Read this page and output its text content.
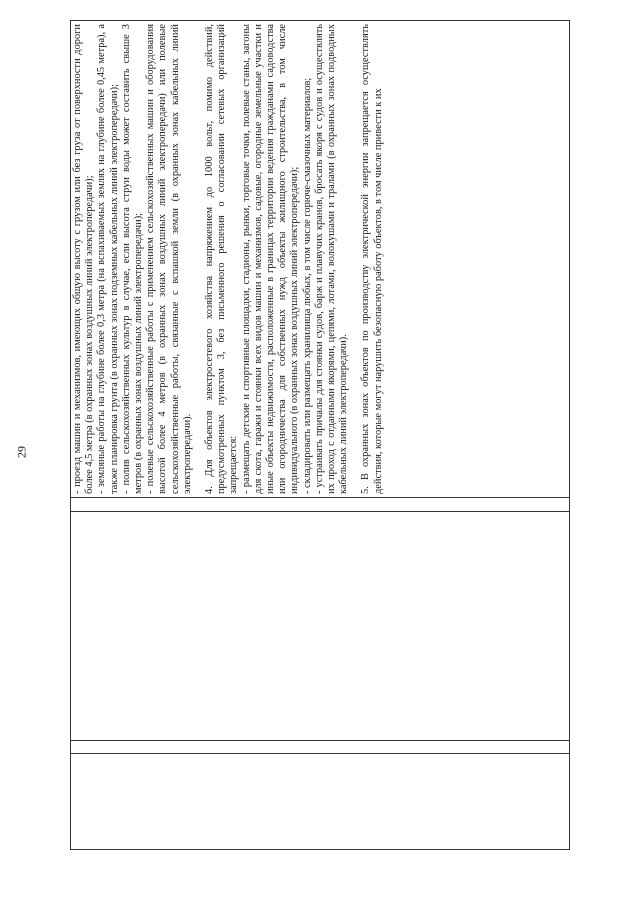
29
					- проезд машин и механизмов, имеющих общую высоту с грузом или без груза от поверхности дороги более 4,5 метра (в охранных зонах воздушных линий электропередачи); - земляные работы на глубине более 0,3 метра (на вспахиваемых землях на глубине более 0,45 метра), а также планировка грунта (в охранных зонах подземных кабельных линий электропередачи); - полив сельскохозяйственных культур в случае, если высота струи воды может составить свыше 3 метров (в охранных зонах воздушных линий электропередачи); - полевые сельскохозяйственные работы с применением сельскохозяйственных машин и оборудования высотой более 4 метров (в охранных зонах воздушных линий электропередачи) или полевые сельскохозяйственные работы, связанные с вспашкой земли (в охранных зонах кабельных линий электропередачи). 4. Для объектов электросетевого хозяйства напряжением до 1000 вольт, помимо действий, предусмотренных пунктом 3, без письменного решения о согласовании сетевых организаций запрещается: - размещать детские и спортивные площадки, стадионы, рынки, торговые точки, полевые станы, загоны для скота, гаражи и стоянки всех видов машин и механизмов, садовые, огородные земельные участки и иные объекты недвижимости, расположенные в границах территории ведения гражданами садоводства или огородничества для собственных нужд объекты жилищного строительства, в том числе индивидуального (в охранных зонах воздушных линий электропередачи); - складировать или размещать хранилища любых, в том числе горюче-смазочных материалов; - устраивать причалы для стоянки судов, барж и плавучих кранов, бросать якоря с судов и осуществлять их проход с отданными якорями, цепями, лотами, волокушами и тралами (в охранных зонах подводных кабельных линий электропередачи). 5. В охранных зонах объектов по производству электрической энергии запрещается осуществлять действия, которые могут нарушить безопасную работу объектов, в том числе привести к их
